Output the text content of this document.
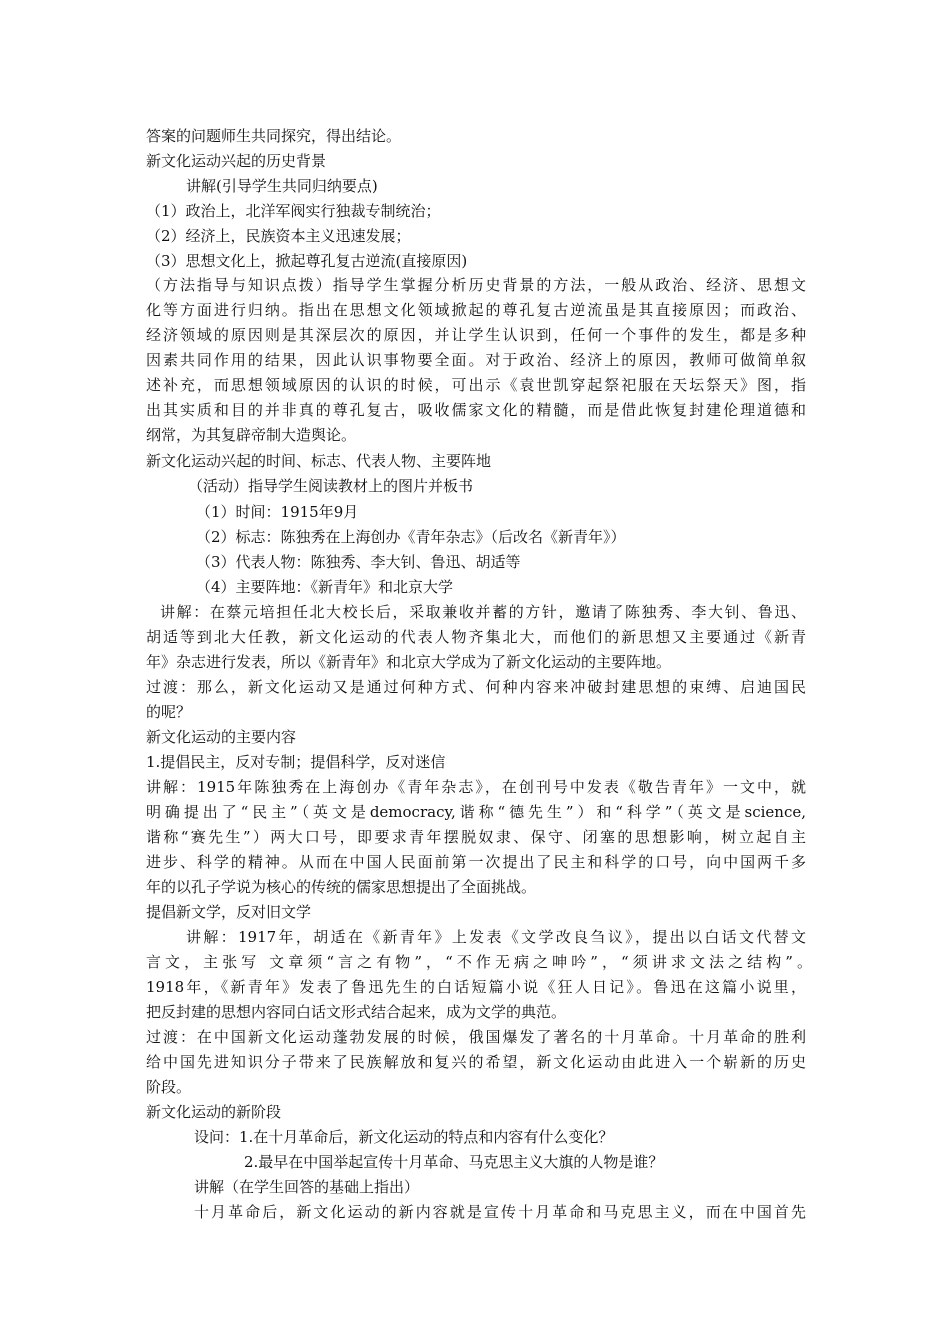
答案的问题师生共同探究，得出结论。
新文化运动兴起的历史背景
讲解(引导学生共同归纳要点)
（1）政治上，北洋军阀实行独裁专制统治；
（2）经济上，民族资本主义迅速发展；
（3）思想文化上，掀起尊孔复古逆流(直接原因)
（方法指导与知识点拨）指导学生掌握分析历史背景的方法，一般从政治、经济、思想文
化等方面进行归纳。指出在思想文化领域掀起的尊孔复古逆流虽是其直接原因；而政治、
经济领域的原因则是其深层次的原因，并让学生认识到，任何一个事件的发生，都是多种
因素共同作用的结果，因此认识事物要全面。对于政治、经济上的原因，教师可做简单叙
述补充，而思想领域原因的认识的时候，可出示《袁世凯穿起祭祀服在天坛祭天》图，指
出其实质和目的并非真的尊孔复古，吸收儒家文化的精髓，而是借此恢复封建伦理道德和
纲常，为其复辟帝制大造舆论。
新文化运动兴起的时间、标志、代表人物、主要阵地
（活动）指导学生阅读教材上的图片并板书
（1）时间：1915年9月
（2）标志：陈独秀在上海创办《青年杂志》（后改名《新青年》）
（3）代表人物：陈独秀、李大钊、鲁迅、胡适等
（4）主要阵地：《新青年》和北京大学
讲解：在蔡元培担任北大校长后，采取兼收并蓄的方针，邀请了陈独秀、李大钊、鲁迅、
胡适等到北大任教，新文化运动的代表人物齐集北大，而他们的新思想又主要通过《新青
年》杂志进行发表，所以《新青年》和北京大学成为了新文化运动的主要阵地。
过渡：那么，新文化运动又是通过何种方式、何种内容来冲破封建思想的束缚、启迪国民
的呢？
新文化运动的主要内容
1.提倡民主，反对专制；提倡科学，反对迷信
讲解：1915年陈独秀在上海创办《青年杂志》，在创刊号中发表《敬告青年》一文中，就
明确提出了“民主”（英文是democracy,谐称“德先生”）和“科学”（英文是science,
谐称“赛先生”）两大口号，即要求青年摆脱奴隶、保守、闭塞的思想影响，树立起自主
进步、科学的精神。从而在中国人民面前第一次提出了民主和科学的口号，向中国两千多
年的以孔子学说为核心的传统的儒家思想提出了全面挑战。
提倡新文学，反对旧文学
讲解：1917年，胡适在《新青年》上发表《文学改良刍议》，提出以白话文代替文
言文，主张写 文章须“言之有物”，“不作无病之呻吟”，“须讲求文法之结构”。
1918年，《新青年》发表了鲁迅先生的白话短篇小说《狂人日记》。鲁迅在这篇小说里，
把反封建的思想内容同白话文形式结合起来，成为文学的典范。
过渡：在中国新文化运动蓬勃发展的时候，俄国爆发了著名的十月革命。十月革命的胜利
给中国先进知识分子带来了民族解放和复兴的希望，新文化运动由此进入一个崭新的历史
阶段。
新文化运动的新阶段
设问：1.在十月革命后，新文化运动的特点和内容有什么变化？
2.最早在中国举起宣传十月革命、马克思主义大旗的人物是谁？
讲解（在学生回答的基础上指出）
十月革命后，新文化运动的新内容就是宣传十月革命和马克思主义，而在中国首先
